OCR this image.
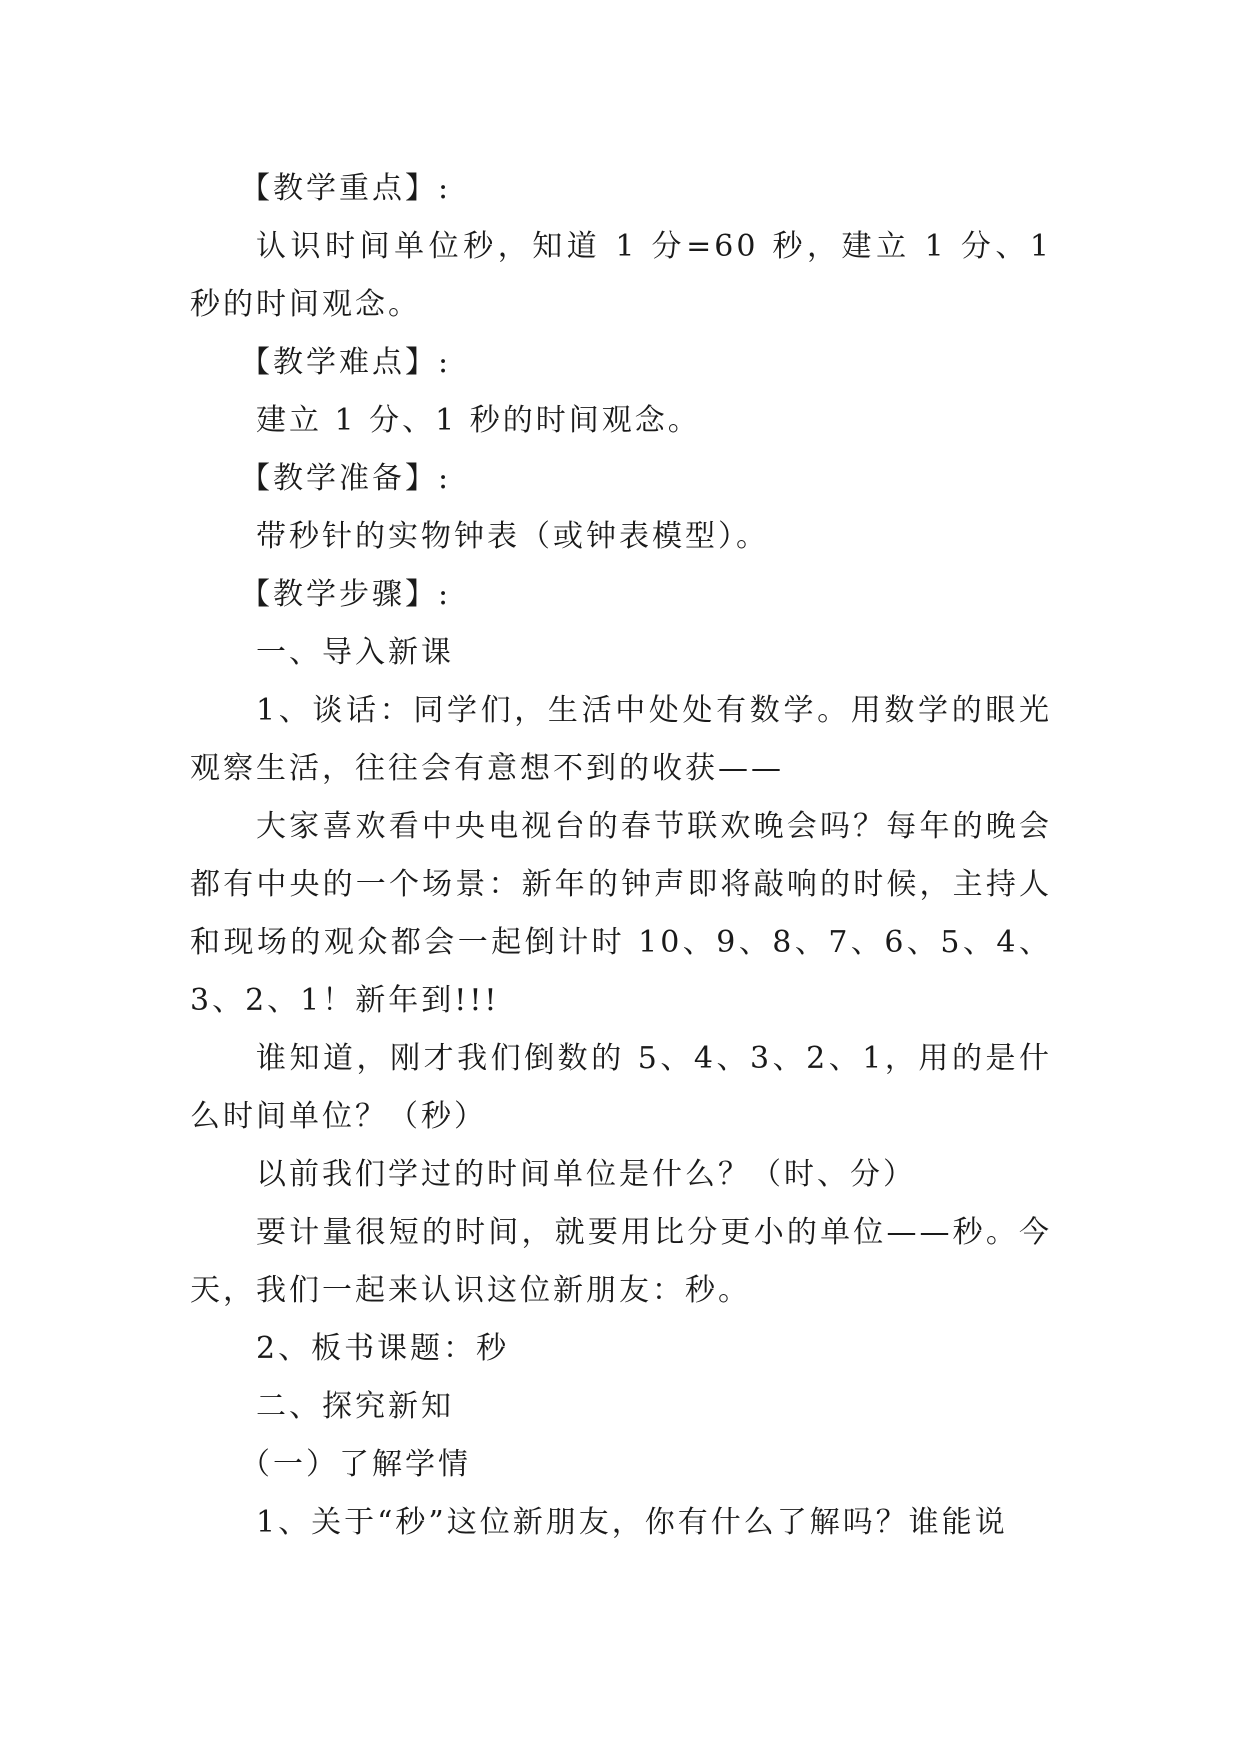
【教学重点】:

认识时间单位秒，知道 1 分=60 秒，建立 1 分、1 秒的时间观念。

【教学难点】:

建立 1 分、1 秒的时间观念。

【教学准备】:

带秒针的实物钟表（或钟表模型）。

【教学步骤】:

一、导入新课

1、谈话：同学们，生活中处处有数学。用数学的眼光观察生活，往往会有意想不到的收获——

大家喜欢看中央电视台的春节联欢晚会吗？每年的晚会都有中央的一个场景：新年的钟声即将敲响的时候，主持人和现场的观众都会一起倒计时 10、9、8、7、6、5、4、3、2、1！新年到!!!

谁知道，刚才我们倒数的 5、4、3、2、1，用的是什么时间单位？（秒）

以前我们学过的时间单位是什么？（时、分）

要计量很短的时间，就要用比分更小的单位——秒。今天，我们一起来认识这位新朋友：秒。

2、板书课题：秒

二、探究新知

（一）了解学情

1、关于“秒”这位新朋友，你有什么了解吗？谁能说
